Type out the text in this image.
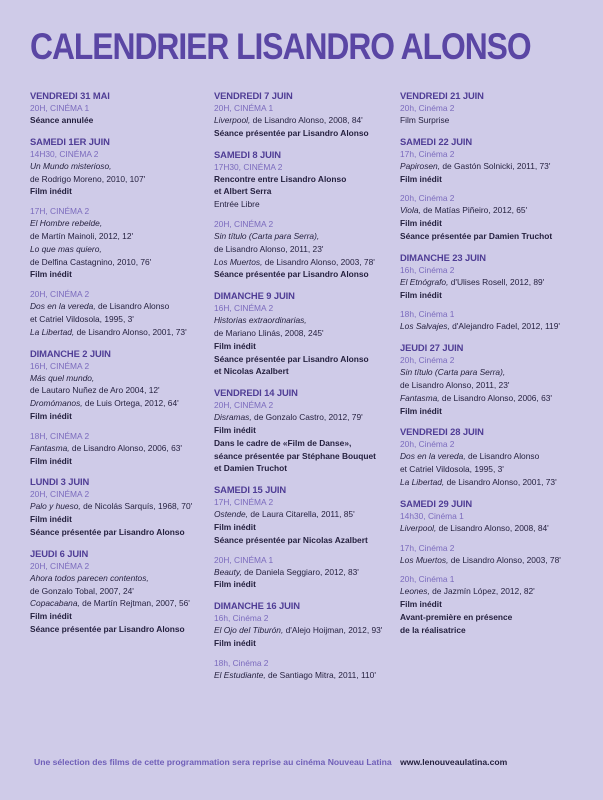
CALENDRIER LISANDRO ALONSO
VENDREDI 31 MAI
20H, CINÉMA 1
Séance annulée
SAMEDI 1ER JUIN
14H30, CINÉMA 2
Un Mundo misterioso,
de Rodrigo Moreno, 2010, 107'
Film inédit
17H, CINÉMA 2
El Hombre rebelde,
de Martín Mainoli, 2012, 12'
Lo que mas quiero,
de Delfina Castagnino, 2010, 76'
Film inédit
20H, CINÉMA 2
Dos en la vereda, de Lisandro Alonso
et Catriel Vildosola, 1995, 3'
La Libertad, de Lisandro Alonso, 2001, 73'
DIMANCHE 2 JUIN
16H, CINÉMA 2
Más quel mundo,
de Lautaro Nuñez de Aro 2004, 12'
Dromómanos, de Luis Ortega, 2012, 64'
Film inédit
18H, CINÉMA 2
Fantasma, de Lisandro Alonso, 2006, 63'
Film inédit
LUNDI 3 JUIN
20H, CINÉMA 2
Palo y hueso, de Nicolás Sarquís, 1968, 70'
Film inédit
Séance présentée par Lisandro Alonso
JEUDI 6 JUIN
20H, CINÉMA 2
Ahora todos parecen contentos,
de Gonzalo Tobal, 2007, 24'
Copacabana, de Martín Rejtman, 2007, 56'
Film inédit
Séance présentée par Lisandro Alonso
VENDREDI 7 JUIN
20H, CINÉMA 1
Liverpool, de Lisandro Alonso, 2008, 84'
Séance présentée par Lisandro Alonso
SAMEDI 8 JUIN
17H30, CINÉMA 2
Rencontre entre Lisandro Alonso
et Albert Serra
Entrée Libre
20H, CINÉMA 2
Sin título (Carta para Serra),
de Lisandro Alonso, 2011, 23'
Los Muertos, de Lisandro Alonso, 2003, 78'
Séance présentée par Lisandro Alonso
DIMANCHE 9 JUIN
16H, CINÉMA 2
Historias extraordinarias,
de Mariano Llinás, 2008, 245'
Film inédit
Séance présentée par Lisandro Alonso
et Nicolas Azalbert
VENDREDI 14 JUIN
20H, CINÉMA 2
Disramas, de Gonzalo Castro, 2012, 79'
Film inédit
Dans le cadre de «Film de Danse»,
séance présentée par Stéphane Bouquet
et Damien Truchot
SAMEDI 15 JUIN
17H, CINÉMA 2
Ostende, de Laura Citarella, 2011, 85'
Film inédit
Séance présentée par Nicolas Azalbert
20H, CINÉMA 1
Beauty, de Daniela Seggiaro, 2012, 83'
Film inédit
DIMANCHE 16 JUIN
16h, Cinéma 2
El Ojo del Tiburón, d'Alejo Hoijman, 2012, 93'
Film inédit
18h, Cinéma 2
El Estudiante, de Santiago Mitra, 2011, 110'
VENDREDI 21 JUIN
20h, Cinéma 2
Film Surprise
SAMEDI 22 JUIN
17h, Cinéma 2
Papirosen, de Gastón Solnicki, 2011, 73'
Film inédit
20h, Cinéma 2
Viola, de Matías Piñeiro, 2012, 65'
Film inédit
Séance présentée par Damien Truchot
DIMANCHE 23 JUIN
16h, Cinéma 2
El Etnógrafo, d'Ulises Rosell, 2012, 89'
Film inédit
18h, Cinéma 1
Los Salvajes, d'Alejandro Fadel, 2012, 119'
JEUDI 27 JUIN
20h, Cinéma 2
Sin título (Carta para Serra),
de Lisandro Alonso, 2011, 23'
Fantasma, de Lisandro Alonso, 2006, 63'
Film inédit
VENDREDI 28 JUIN
20h, Cinéma 2
Dos en la vereda, de Lisandro Alonso
et Catriel Vildosola, 1995, 3'
La Libertad, de Lisandro Alonso, 2001, 73'
SAMEDI 29 JUIN
14h30, Cinéma 1
Liverpool, de Lisandro Alonso, 2008, 84'
17h, Cinéma 2
Los Muertos, de Lisandro Alonso, 2003, 78'
20h, Cinéma 1
Leones, de Jazmín López, 2012, 82'
Film inédit
Avant-première en présence
de la réalisatrice
Une sélection des films de cette programmation sera reprise au cinéma Nouveau Latina www.lenouveaulatina.com
